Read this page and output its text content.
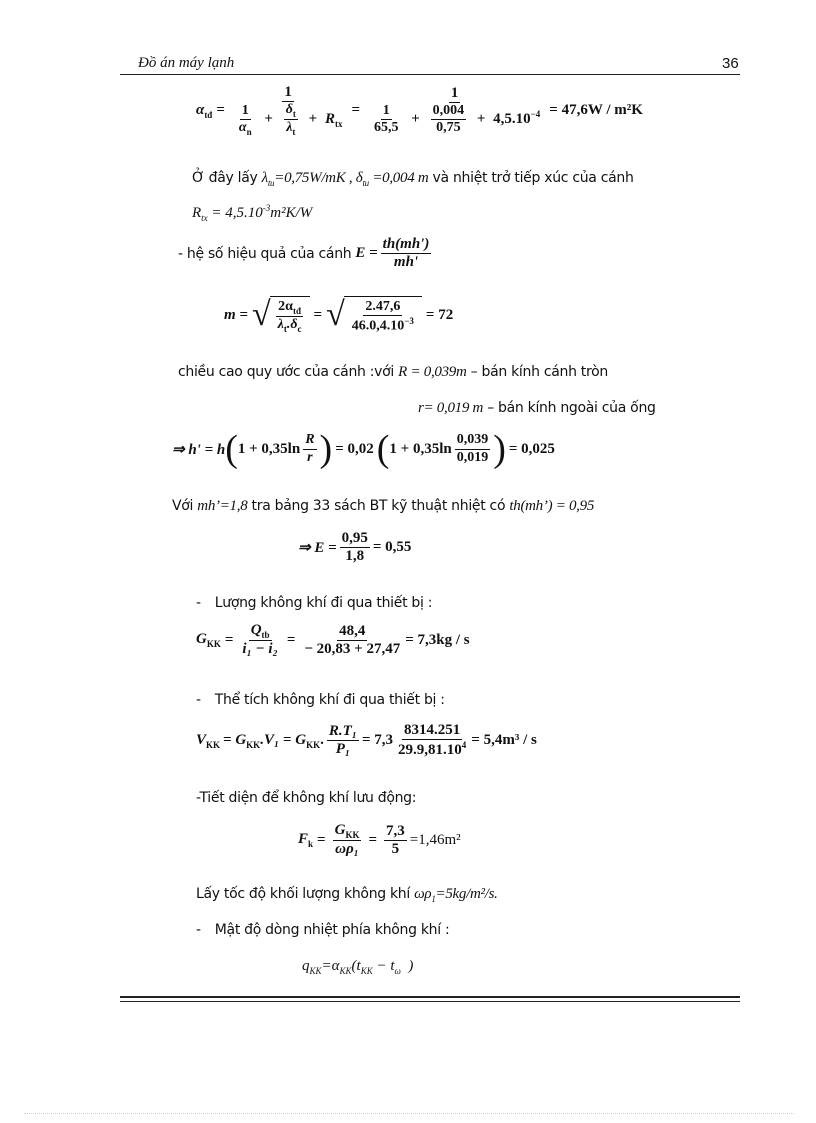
Đồ án máy lạnh	36
$\alpha_{tđ} = \frac{1}{\frac{1}{\alpha_n} + \frac{\delta_t}{\lambda_t} + R_{tx}} = \frac{1}{\frac{1}{65,5} + \frac{0,004}{0,75} + 4,5.10^{-4}} = 47,6W / m^2K$
Ở đây lấy $\lambda_{tu}=0,75W/mK$ , $\delta_{tu} =0,004$ m và nhiệt trở tiếp xúc của cánh
$R_{tx} = 4,5.10^{-3}m^2K/W$
- hệ số hiệu quả của cánh $E = \frac{th(mh')}{mh'}$
m = √ $\frac{2\alpha_{tđ}}{\lambda_t.\delta_c}$ = √ $\frac{2.47,6}{46.0,4.10^{-3}} = 72$
chiều cao quy ước của cánh :với R = 0,039m – bán kính cánh tròn
r= 0,019 m – bán kính ngoài của ống
⇒ h' = h ( $1 + 0,35\ln \frac{R}{r}$ ) = 0,02 ( $1 + 0,35\ln \frac{0,039}{0,019}$ ) = 0,025
Với mh’=1,8 tra bảng 33 sách BT kỹ thuật nhiệt có th(mh’) = 0,95
⇒ $E = \frac{0,95}{1,8} = 0,55$
- Lượng không khí đi qua thiết bị :
$G_{KK} = \frac{Q_{tb}}{\text{i₁ − i₂}} = \frac{48,4}{- 20,83 + 27,47} = 7,3kg / s$
- Thể tích không khí đi qua thiết bị :
$V_{KK} = G_{KK}$ $.V_1 = G_{KK}$. $\frac{\text{R.T₁}}{\text{P₁}} = 7,3 \frac{8314.251}{29.9,81.10^4} = 5,4m^3 / s$
-Tiết diện để không khí lưu động:
$F_k = \frac{G_{KK}}{\text{ωρ₁}} = \frac{7,3}{5} =1,46m^2$
Lấy tốc độ khối lượng không khí $\omega\rho_1=5kg/m^2/s$.
- Mật độ dòng nhiệt phía không khí :
$q_{KK}=\alpha_{KK}(t_{KK} - t_\omega$  )
